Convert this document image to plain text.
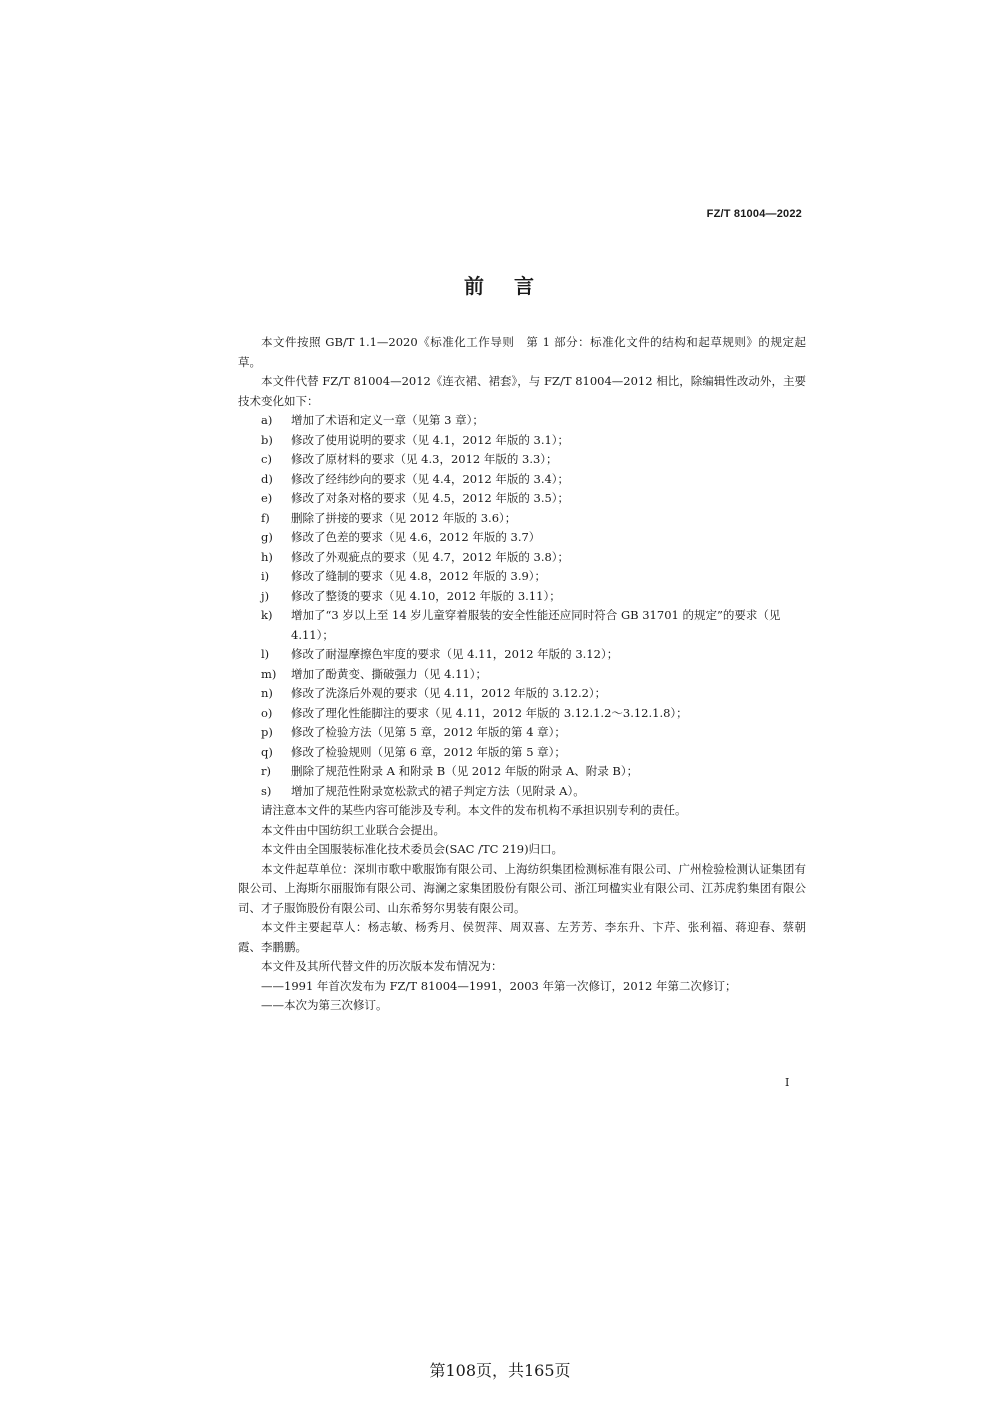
FZ/T 81004—2022
前 言
本文件按照 GB/T 1.1—2020《标准化工作导则　第 1 部分：标准化文件的结构和起草规则》的规定起草。
本文件代替 FZ/T 81004—2012《连衣裙、裙套》，与 FZ/T 81004—2012 相比，除编辑性改动外，主要技术变化如下：
a)	增加了术语和定义一章（见第 3 章）；
b)	修改了使用说明的要求（见 4.1，2012 年版的 3.1）；
c)	修改了原材料的要求（见 4.3，2012 年版的 3.3）；
d)	修改了经纬纱向的要求（见 4.4，2012 年版的 3.4）；
e)	修改了对条对格的要求（见 4.5，2012 年版的 3.5）；
f)	删除了拼接的要求（见 2012 年版的 3.6）；
g)	修改了色差的要求（见 4.6，2012 年版的 3.7）
h)	修改了外观疵点的要求（见 4.7，2012 年版的 3.8）；
i)	修改了缝制的要求（见 4.8，2012 年版的 3.9）；
j)	修改了整烫的要求（见 4.10，2012 年版的 3.11）；
k)	增加了“3 岁以上至 14 岁儿童穿着服装的安全性能还应同时符合 GB 31701 的规定”的要求（见 4.11）；
l)	修改了耐湿摩擦色牢度的要求（见 4.11，2012 年版的 3.12）；
m)	增加了酚黄变、撕破强力（见 4.11）；
n)	修改了洗涤后外观的要求（见 4.11，2012 年版的 3.12.2）；
o)	修改了理化性能脚注的要求（见 4.11，2012 年版的 3.12.1.2～3.12.1.8）；
p)	修改了检验方法（见第 5 章，2012 年版的第 4 章）；
q)	修改了检验规则（见第 6 章，2012 年版的第 5 章）；
r)	删除了规范性附录 A 和附录 B（见 2012 年版的附录 A、附录 B）；
s)	增加了规范性附录宽松款式的裙子判定方法（见附录 A）。
请注意本文件的某些内容可能涉及专利。本文件的发布机构不承担识别专利的责任。
本文件由中国纺织工业联合会提出。
本文件由全国服装标准化技术委员会(SAC /TC 219)归口。
本文件起草单位：深圳市歌中歌服饰有限公司、上海纺织集团检测标准有限公司、广州检验检测认证集团有限公司、上海斯尔丽服饰有限公司、海澜之家集团股份有限公司、浙江珂楹实业有限公司、江苏虎豹集团有限公司、才子服饰股份有限公司、山东希努尔男装有限公司。
本文件主要起草人：杨志敏、杨秀月、侯贺萍、周双喜、左芳芳、李东升、卞芹、张利福、蒋迎春、蔡朝霞、李鹏鹏。
本文件及其所代替文件的历次版本发布情况为：
——1991 年首次发布为 FZ/T 81004—1991，2003 年第一次修订，2012 年第二次修订；
——本次为第三次修订。
I
第108页，共165页
